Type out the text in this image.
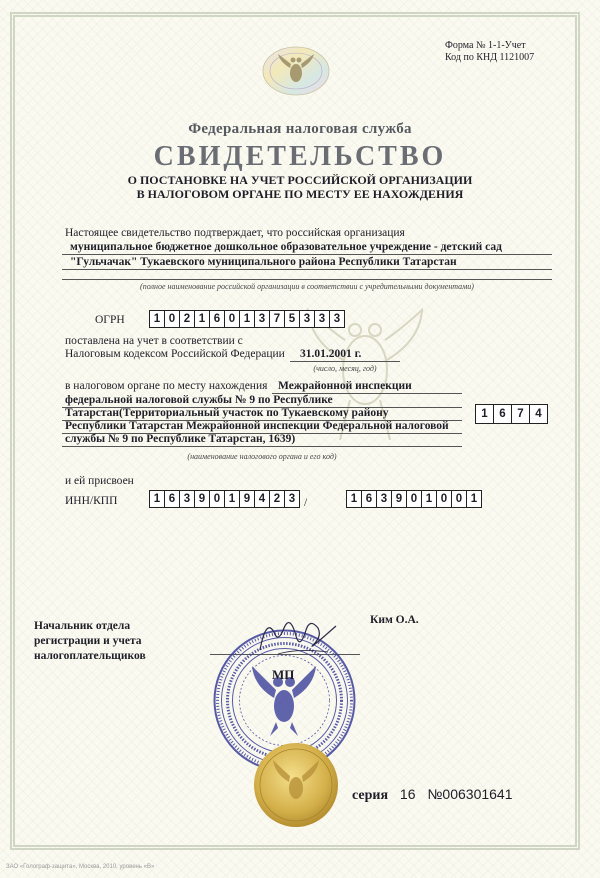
Форма № 1-1-Учет
Код по КНД 1121007
Федеральная налоговая служба
СВИДЕТЕЛЬСТВО
О ПОСТАНОВКЕ НА УЧЕТ РОССИЙСКОЙ ОРГАНИЗАЦИИ
В НАЛОГОВОМ ОРГАНЕ ПО МЕСТУ ЕЕ НАХОЖДЕНИЯ
Настоящее свидетельство подтверждает, что российская организация
муниципальное бюджетное дошкольное образовательное учреждение - детский сад
"Гульчачак" Тукаевского муниципального района Республики Татарстан
(полное наименование российской организации в соответствии с учредительными документами)
ОГРН	1 0 2 1 6 0 1 3 7 5 3 3 3
поставлена на учет в соответствии с
Налоговым кодексом Российской Федерации 31.01.2001 г.
(число, месяц, год)
в налоговом органе по месту нахождения Межрайонной инспекции
федеральной налоговой службы № 9 по Республике
Татарстан(Территориальный участок по Тукаевскому району
Республики Татарстан Межрайонной инспекции Федеральной налоговой
службы № 9 по Республике Татарстан, 1639)
1	6	7	4
(наименование налогового органа и его код)
и ей присвоен
ИНН/КПП	1 6 3 9 0 1 9 4 2 3 /	1 6 3 9 0 1 0 0 1
Начальник отдела
регистрации и учета
налогоплательщиков
Ким О.А.
МП
серия 16 №006301641
ЗАО «Голограф-защита», Москва, 2010, уровень «В»
